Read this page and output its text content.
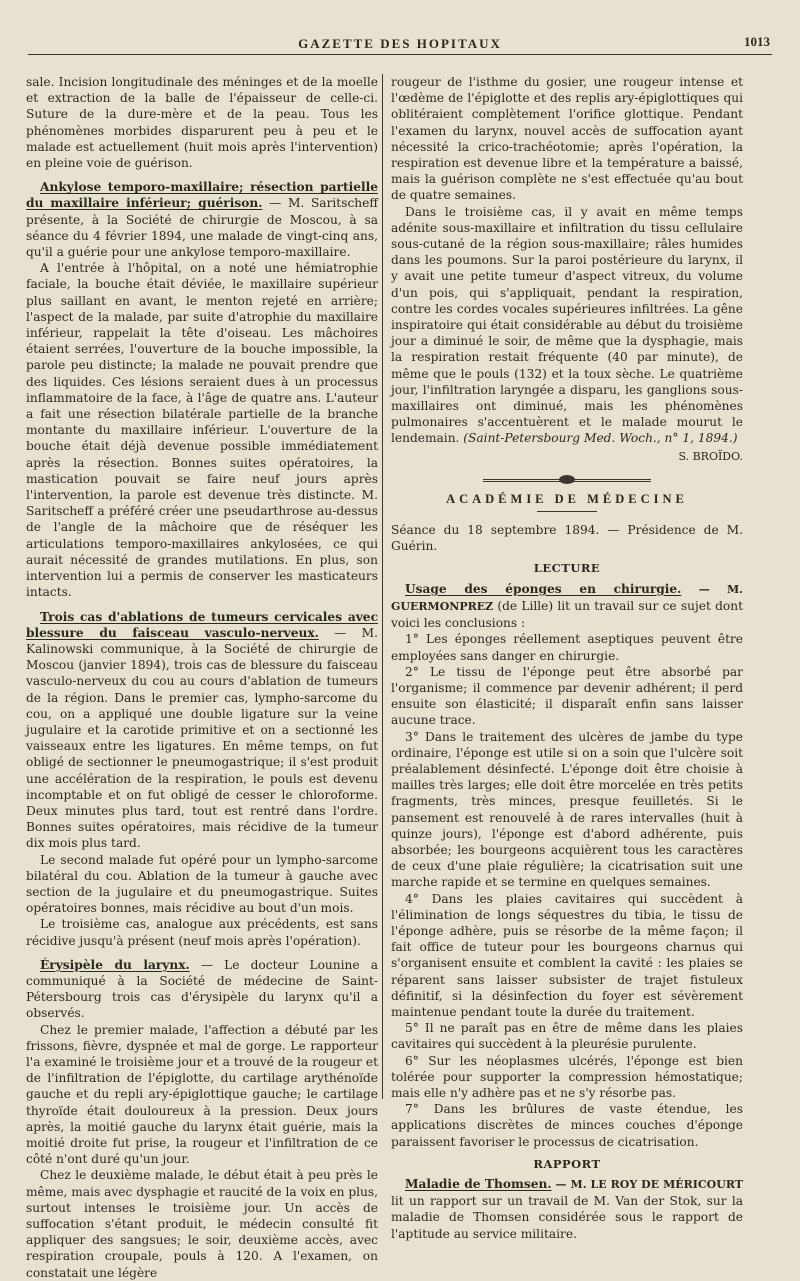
GAZETTE DES HOPITAUX	1013

sale. Incision longitudinale des méninges et de la moelle et extraction de la balle de l'épaisseur de celle-ci. Suture de la dure-mère et de la peau. Tous les phénomènes morbides disparurent peu à peu et le malade est actuellement (huit mois après l'intervention) en pleine voie de guérison.

Ankylose temporo-maxillaire; résection partielle du maxillaire inférieur; guérison. — M. Saritscheff présente, à la Société de chirurgie de Moscou, à sa séance du 4 février 1894, une malade de vingt-cinq ans, qu'il a guérie pour une ankylose temporo-maxillaire.

A l'entrée à l'hôpital, on a noté une hémiatrophie faciale, la bouche était déviée, le maxillaire supérieur plus saillant en avant, le menton rejeté en arrière; l'aspect de la malade, par suite d'atrophie du maxillaire inférieur, rappelait la tête d'oiseau. Les mâchoires étaient serrées, l'ouverture de la bouche impossible, la parole peu distincte; la malade ne pouvait prendre que des liquides. Ces lésions seraient dues à un processus inflammatoire de la face, à l'âge de quatre ans. L'auteur a fait une résection bilatérale partielle de la branche montante du maxillaire inférieur. L'ouverture de la bouche était déjà devenue possible immédiatement après la résection. Bonnes suites opératoires, la mastication pouvait se faire neuf jours après l'intervention, la parole est devenue très distincte. M. Saritscheff a préféré créer une pseudarthrose au-dessus de l'angle de la mâchoire que de réséquer les articulations temporo-maxillaires ankylosées, ce qui aurait nécessité de grandes mutilations. En plus, son intervention lui a permis de conserver les masticateurs intacts.

Trois cas d'ablations de tumeurs cervicales avec blessure du faisceau vasculo-nerveux. — M. Kalinowski communique, à la Société de chirurgie de Moscou (janvier 1894), trois cas de blessure du faisceau vasculo-nerveux du cou au cours d'ablation de tumeurs de la région. Dans le premier cas, lympho-sarcome du cou, on a appliqué une double ligature sur la veine jugulaire et la carotide primitive et on a sectionné les vaisseaux entre les ligatures. En même temps, on fut obligé de sectionner le pneumogastrique; il s'est produit une accélération de la respiration, le pouls est devenu incomptable et on fut obligé de cesser le chloroforme. Deux minutes plus tard, tout est rentré dans l'ordre. Bonnes suites opératoires, mais récidive de la tumeur dix mois plus tard.

Le second malade fut opéré pour un lympho-sarcome bilatéral du cou. Ablation de la tumeur à gauche avec section de la jugulaire et du pneumogastrique. Suites opératoires bonnes, mais récidive au bout d'un mois.

Le troisième cas, analogue aux précédents, est sans récidive jusqu'à présent (neuf mois après l'opération).

Érysipèle du larynx. — Le docteur Lounine a communiqué à la Société de médecine de Saint-Pétersbourg trois cas d'érysipèle du larynx qu'il a observés.

Chez le premier malade, l'affection a débuté par les frissons, fièvre, dyspnée et mal de gorge. Le rapporteur l'a examiné le troisième jour et a trouvé de la rougeur et de l'infiltration de l'épiglotte, du cartilage arythénoïde gauche et du repli ary-épiglottique gauche; le cartilage thyroïde était douloureux à la pression. Deux jours après, la moitié gauche du larynx était guérie, mais la moitié droite fut prise, la rougeur et l'infiltration de ce côté n'ont duré qu'un jour.

Chez le deuxième malade, le début était à peu près le même, mais avec dysphagie et raucité de la voix en plus, surtout intenses le troisième jour. Un accès de suffocation s'étant produit, le médecin consulté fit appliquer des sangsues; le soir, deuxième accès, avec respiration croupale, pouls à 120. A l'examen, on constatait une légère

rougeur de l'isthme du gosier, une rougeur intense et l'œdème de l'épiglotte et des replis ary-épiglottiques qui oblitéraient complètement l'orifice glottique. Pendant l'examen du larynx, nouvel accès de suffocation ayant nécessité la crico-trachéotomie; après l'opération, la respiration est devenue libre et la température a baissé, mais la guérison complète ne s'est effectuée qu'au bout de quatre semaines.

Dans le troisième cas, il y avait en même temps adénite sous-maxillaire et infiltration du tissu cellulaire sous-cutané de la région sous-maxillaire; râles humides dans les poumons. Sur la paroi postérieure du larynx, il y avait une petite tumeur d'aspect vitreux, du volume d'un pois, qui s'appliquait, pendant la respiration, contre les cordes vocales supérieures infiltrées. La gêne inspiratoire qui était considérable au début du troisième jour a diminué le soir, de même que la dysphagie, mais la respiration restait fréquente (40 par minute), de même que le pouls (132) et la toux sèche. Le quatrième jour, l'infiltration laryngée a disparu, les ganglions sous-maxillaires ont diminué, mais les phénomènes pulmonaires s'accentuèrent et le malade mourut le lendemain. (Saint-Petersbourg Med. Woch., n° 1, 1894.)

S. BROÏDO.
ACADÉMIE DE MÉDECINE

Séance du 18 septembre 1894. — Présidence de M. Guérin.

LECTURE

Usage des éponges en chirurgie. — M. GUERMONPREZ (de Lille) lit un travail sur ce sujet dont voici les conclusions :

1° Les éponges réellement aseptiques peuvent être employées sans danger en chirurgie.

2° Le tissu de l'éponge peut être absorbé par l'organisme; il commence par devenir adhérent; il perd ensuite son élasticité; il disparaît enfin sans laisser aucune trace.

3° Dans le traitement des ulcères de jambe du type ordinaire, l'éponge est utile si on a soin que l'ulcère soit préalablement désinfecté. L'éponge doit être choisie à mailles très larges; elle doit être morcelée en très petits fragments, très minces, presque feuilletés. Si le pansement est renouvelé à de rares intervalles (huit à quinze jours), l'éponge est d'abord adhérente, puis absorbée; les bourgeons acquièrent tous les caractères de ceux d'une plaie régulière; la cicatrisation suit une marche rapide et se termine en quelques semaines.

4° Dans les plaies cavitaires qui succèdent à l'élimination de longs séquestres du tibia, le tissu de l'éponge adhère, puis se résorbe de la même façon; il fait office de tuteur pour les bourgeons charnus qui s'organisent ensuite et comblent la cavité : les plaies se réparent sans laisser subsister de trajet fistuleux définitif, si la désinfection du foyer est sévèrement maintenue pendant toute la durée du traitement.

5° Il ne paraît pas en être de même dans les plaies cavitaires qui succèdent à la pleurésie purulente.

6° Sur les néoplasmes ulcérés, l'éponge est bien tolérée pour supporter la compression hémostatique; mais elle n'y adhère pas et ne s'y résorbe pas.

7° Dans les brûlures de vaste étendue, les applications discrètes de minces couches d'éponge paraissent favoriser le processus de cicatrisation.

RAPPORT

Maladie de Thomsen. — M. LE ROY DE MÉRICOURT lit un rapport sur un travail de M. Van der Stok, sur la maladie de Thomsen considérée sous le rapport de l'aptitude au service militaire.
